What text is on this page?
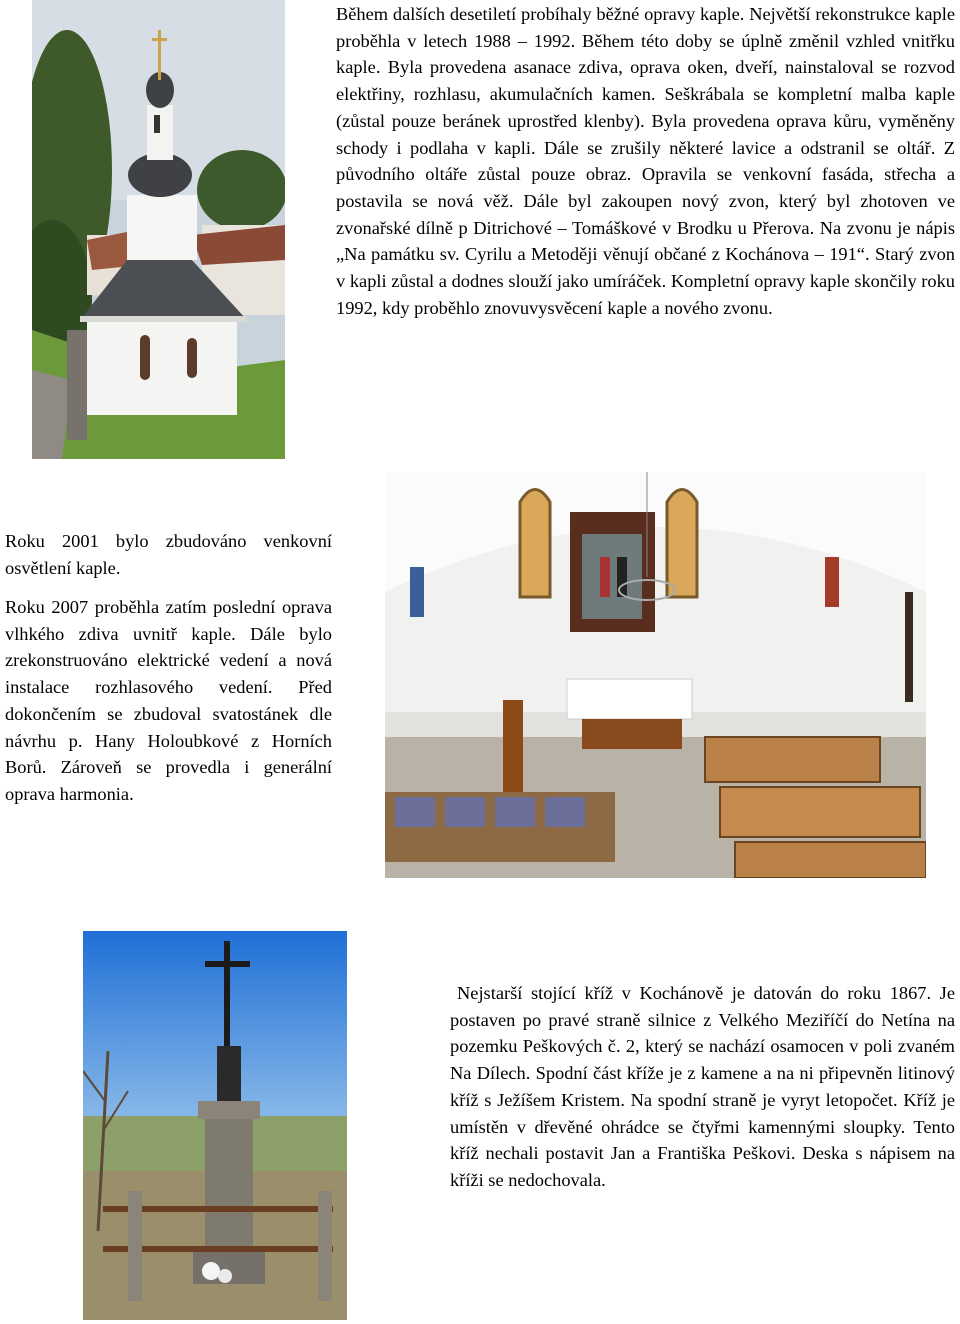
Během dalších desetiletí probíhaly běžné opravy kaple. Největší rekonstrukce kaple proběhla v letech 1988 – 1992. Během této doby se úplně změnil vzhled vnitřku kaple. Byla provedena asanace zdiva, oprava oken, dveří, nainstaloval se rozvod elektřiny, rozhlasu, akumulačních kamen. Seškrábala se kompletní malba kaple (zůstal pouze beránek uprostřed klenby). Byla provedena oprava kůru, vyměněny schody i podlaha v kapli. Dále se zrušily některé lavice a odstranil se oltář. Z původního oltáře zůstal pouze obraz. Opravila se venkovní fasáda, střecha a postavila se nová věž. Dále byl zakoupen nový zvon, který byl zhotoven ve zvonařské dílně p Ditrichové – Tomáškové v Brodku u Přerova. Na zvonu je nápis „Na památku sv. Cyrilu a Metoději věnují občané z Kochánova – 191“. Starý zvon v kapli zůstal a dodnes slouží jako umíráček. Kompletní opravy kaple skončily roku 1992, kdy proběhlo znovuvysvěcení kaple a nového zvonu.

Roku 2001 bylo zbudováno venkovní osvětlení kaple.

Roku 2007 proběhla zatím poslední oprava vlhkého zdiva uvnitř kaple. Dále bylo zrekonstruováno elektrické vedení a nová instalace rozhlasového vedení. Před dokončením se zbudoval svatostánek dle návrhu p. Hany Holoubkové z Horních Borů. Zároveň se provedla i generální oprava harmonia.

Nejstarší stojící kříž v Kochánově je datován do roku 1867. Je postaven po pravé straně silnice z Velkého Meziříčí do Netína na pozemku Peškových č. 2, který se nachází osamocen v poli zvaném Na Dílech. Spodní část kříže je z kamene a na ni připevněn litinový kříž s Ježíšem Kristem. Na spodní straně je vyryt letopočet. Kříž je umístěn v dřevěné ohrádce se čtyřmi kamennými sloupky. Tento kříž nechali postavit Jan a Františka Peškovi. Deska s nápisem na kříži se nedochovala.
